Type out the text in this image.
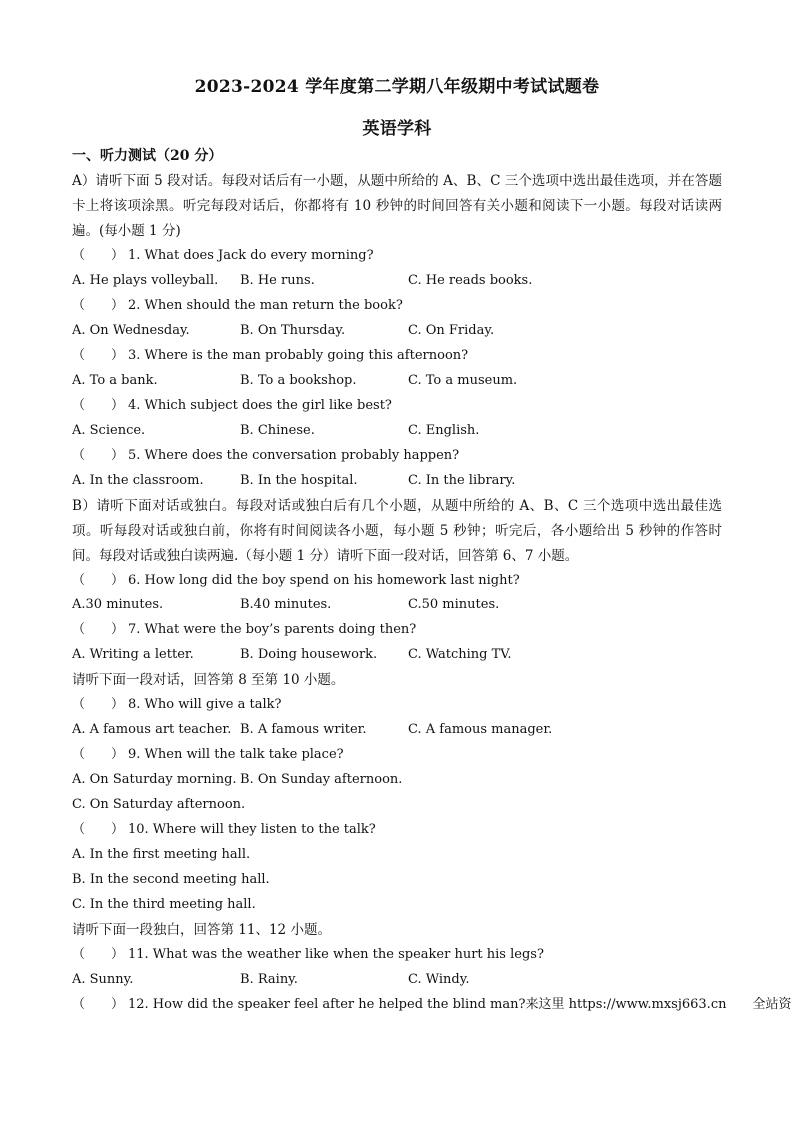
2023-2024 学年度第二学期八年级期中考试试题卷
英语学科
一、听力测试（20 分）
A）请听下面 5 段对话。每段对话后有一小题，从题中所给的 A、B、C 三个选项中选出最佳选项，并在答题卡上将该项涂黑。听完每段对话后，你都将有 10 秒钟的时间回答有关小题和阅读下一小题。每段对话读两遍。(每小题 1 分)
（　　） 1. What does Jack do every morning?
A. He plays volleyball. B. He runs.	C. He reads books.
（　　） 2. When should the man return the book?
A. On Wednesday.	B. On Thursday.	C. On Friday.
（　　） 3. Where is the man probably going this afternoon?
A. To a bank.	B. To a bookshop.	C. To a museum.
（　　） 4. Which subject does the girl like best?
A. Science.	B. Chinese.	C. English.
（　　） 5. Where does the conversation probably happen?
A. In the classroom.	B. In the hospital.	C. In the library.
B）请听下面对话或独白。每段对话或独白后有几个小题，从题中所给的 A、B、C 三个选项中选出最佳选项。听每段对话或独白前，你将有时间阅读各小题，每小题 5 秒钟；听完后，各小题给出 5 秒钟的作答时间。每段对话或独白读两遍.（每小题 1 分）请听下面一段对话，回答第 6、7 小题。
（　　） 6. How long did the boy spend on his homework last night?
A.30 minutes.	B.40 minutes.	C.50 minutes.
（　　） 7. What were the boy’s parents doing then?
A. Writing a letter.	B. Doing housework. C. Watching TV.
请听下面一段对话，回答第 8 至第 10 小题。
（　　） 8. Who will give a talk?
A. A famous art teacher. B. A famous writer.	C. A famous manager.
（　　） 9. When will the talk take place?
A. On Saturday morning. B. On Sunday afternoon.
C. On Saturday afternoon.
（　　） 10. Where will they listen to the talk?
A. In the first meeting hall.
B. In the second meeting hall.
C. In the third meeting hall.
请听下面一段独白，回答第 11、12 小题。
（　　） 11. What was the weather like when the speaker hurt his legs?
A. Sunny.	B. Rainy.	C. Windy.
（　　） 12. How did the speaker feel after he helped the blind man?来这里 https://www.mxsj663.cn　　全站资
